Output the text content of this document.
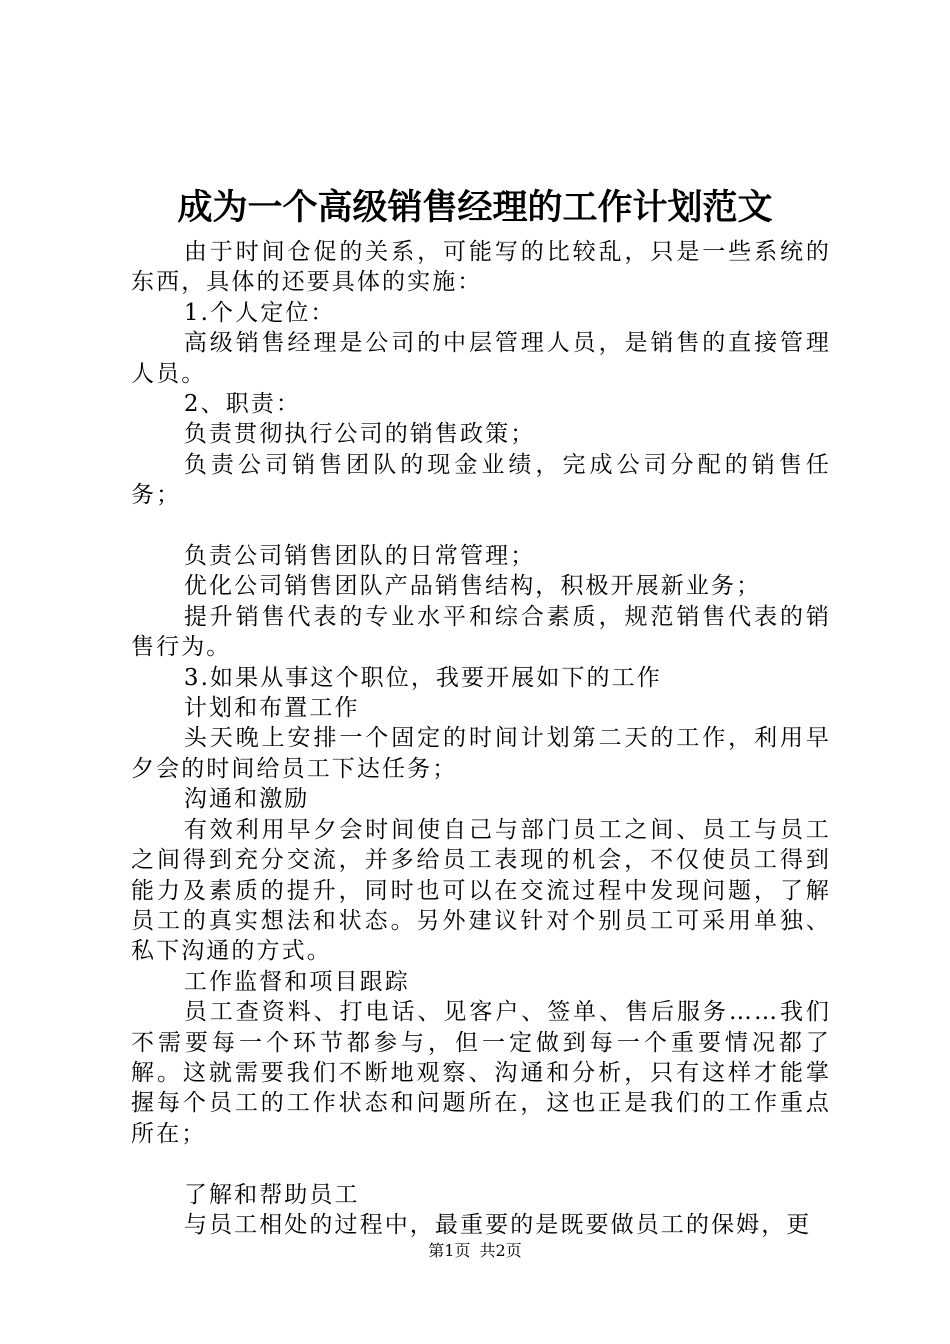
成为一个高级销售经理的工作计划范文

由于时间仓促的关系，可能写的比较乱，只是一些系统的东西，具体的还要具体的实施：

1.个人定位：

高级销售经理是公司的中层管理人员，是销售的直接管理人员。

2、职责：

负责贯彻执行公司的销售政策；

负责公司销售团队的现金业绩，完成公司分配的销售任务；

负责公司销售团队的日常管理；

优化公司销售团队产品销售结构，积极开展新业务；

提升销售代表的专业水平和综合素质，规范销售代表的销售行为。

3.如果从事这个职位，我要开展如下的工作

计划和布置工作

头天晚上安排一个固定的时间计划第二天的工作，利用早夕会的时间给员工下达任务；

沟通和激励

有效利用早夕会时间使自己与部门员工之间、员工与员工之间得到充分交流，并多给员工表现的机会，不仅使员工得到能力及素质的提升，同时也可以在交流过程中发现问题，了解员工的真实想法和状态。另外建议针对个别员工可采用单独、私下沟通的方式。

工作监督和项目跟踪

员工查资料、打电话、见客户、签单、售后服务……我们不需要每一个环节都参与，但一定做到每一个重要情况都了解。这就需要我们不断地观察、沟通和分析，只有这样才能掌握每个员工的工作状态和问题所在，这也正是我们的工作重点所在；

了解和帮助员工

与员工相处的过程中，最重要的是既要做员工的保姆，更

第1页 共2页
